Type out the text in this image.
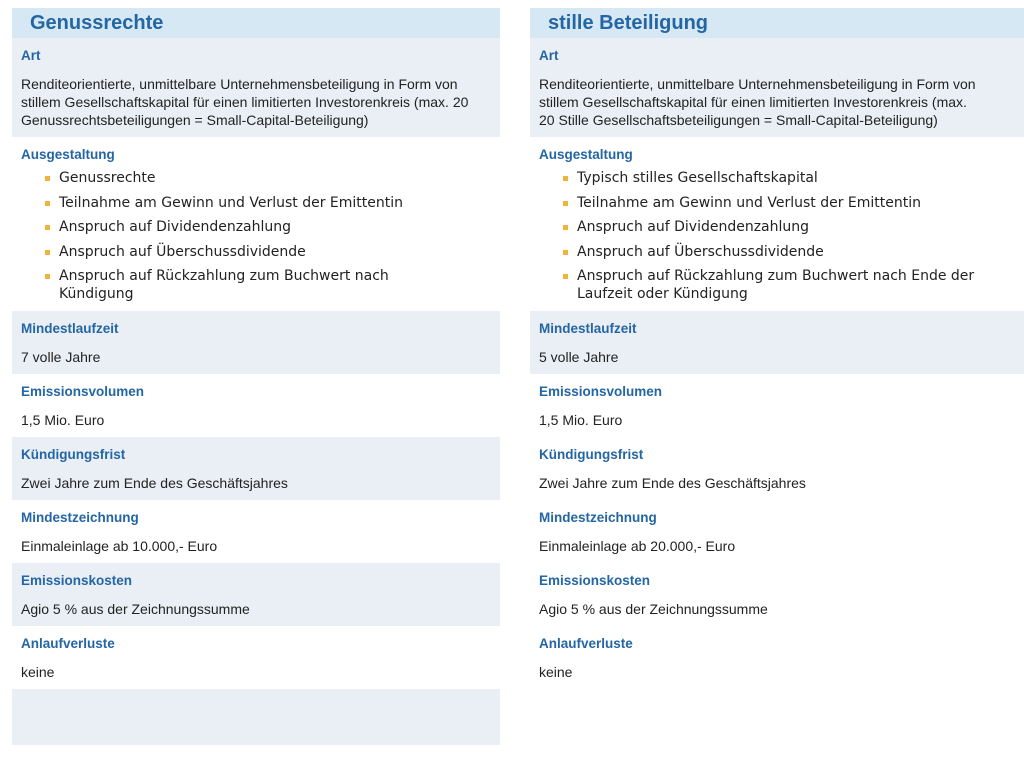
Genussrechte

Art

Renditeorientierte, unmittelbare Unternehmensbeteiligung in Form von stillem Gesellschaftskapital für einen limitierten Investorenkreis (max. 20 Genussrechtsbeteiligungen = Small-Capital-Beteiligung)

Ausgestaltung

Genussrechte
Teilnahme am Gewinn und Verlust der Emittentin
Anspruch auf Dividendenzahlung
Anspruch auf Überschussdividende
Anspruch auf Rückzahlung zum Buchwert nach Kündigung

Mindestlaufzeit

7 volle Jahre

Emissionsvolumen

1,5 Mio. Euro

Kündigungsfrist

Zwei Jahre zum Ende des Geschäftsjahres

Mindestzeichnung

Einmaleinlage ab 10.000,- Euro

Emissionskosten

Agio 5 % aus der Zeichnungssumme

Anlaufverluste

keine

stille Beteiligung

Art

Renditeorientierte, unmittelbare Unternehmensbeteiligung in Form von stillem Gesellschaftskapital für einen limitierten Investorenkreis (max. 20 Stille Gesellschaftsbeteiligungen = Small-Capital-Beteiligung)

Ausgestaltung

Typisch stilles Gesellschaftskapital
Teilnahme am Gewinn und Verlust der Emittentin
Anspruch auf Dividendenzahlung
Anspruch auf Überschussdividende
Anspruch auf Rückzahlung zum Buchwert nach Ende der Laufzeit oder Kündigung

Mindestlaufzeit

5 volle Jahre

Emissionsvolumen

1,5 Mio. Euro

Kündigungsfrist

Zwei Jahre zum Ende des Geschäftsjahres

Mindestzeichnung

Einmaleinlage ab 20.000,- Euro

Emissionskosten

Agio 5 % aus der Zeichnungssumme

Anlaufverluste

keine
